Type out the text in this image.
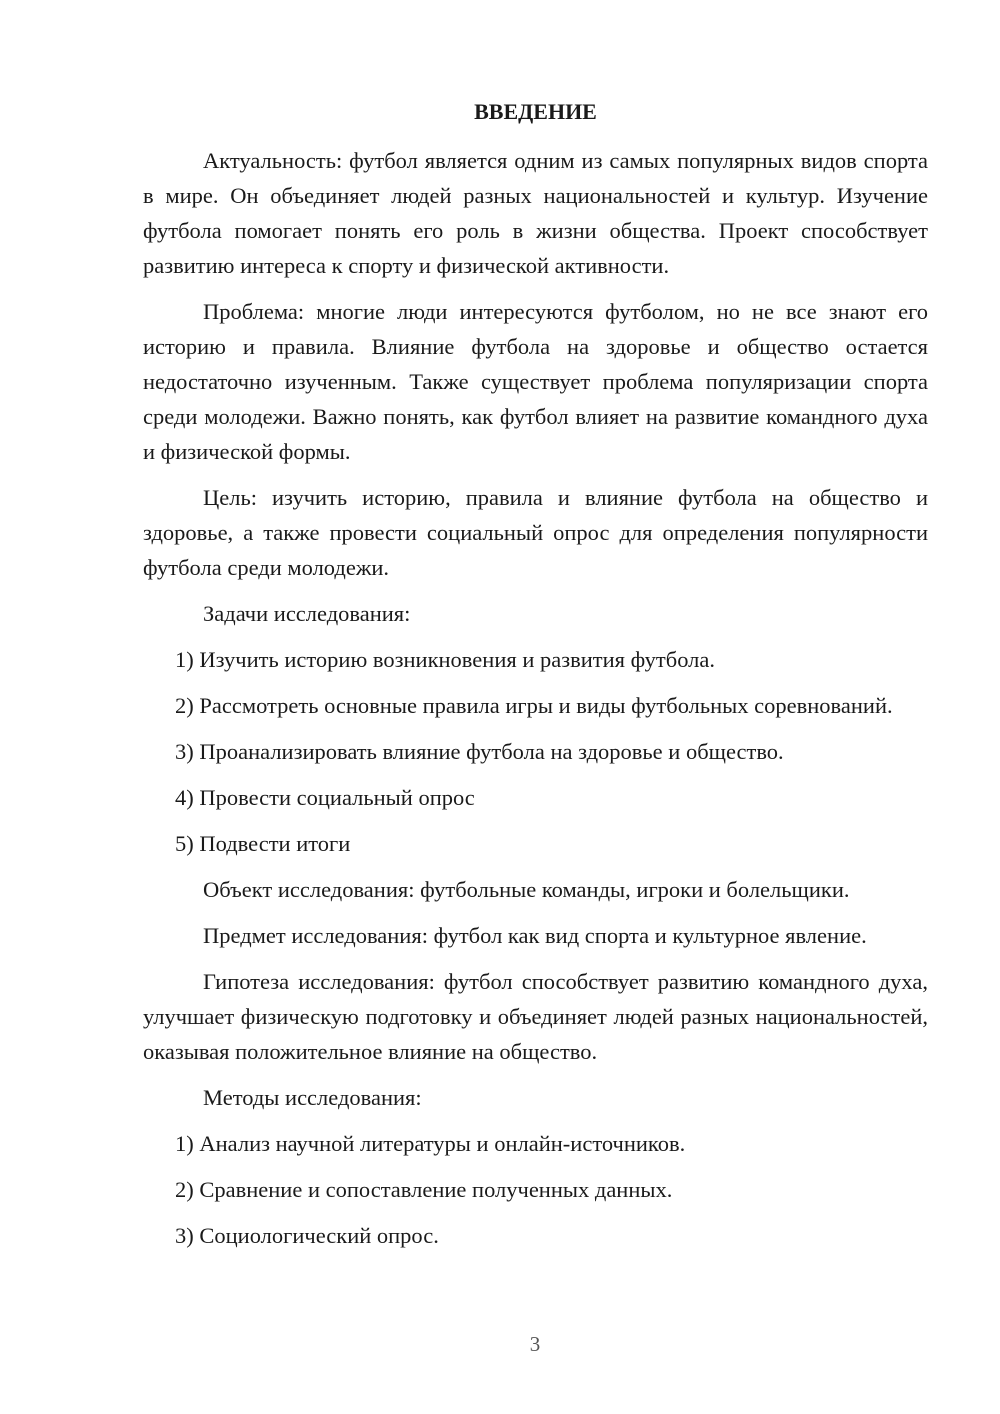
ВВЕДЕНИЕ

Актуальность: футбол является одним из самых популярных видов спорта в мире. Он объединяет людей разных национальностей и культур. Изучение футбола помогает понять его роль в жизни общества. Проект способствует развитию интереса к спорту и физической активности.

Проблема: многие люди интересуются футболом, но не все знают его историю и правила. Влияние футбола на здоровье и общество остается недостаточно изученным. Также существует проблема популяризации спорта среди молодежи. Важно понять, как футбол влияет на развитие командного духа и физической формы.

Цель: изучить историю, правила и влияние футбола на общество и здоровье, а также провести социальный опрос для определения популярности футбола среди молодежи.

Задачи исследования:

1) Изучить историю возникновения и развития футбола.

2) Рассмотреть основные правила игры и виды футбольных соревнований.

3) Проанализировать влияние футбола на здоровье и общество.

4) Провести социальный опрос

5) Подвести итоги

Объект исследования: футбольные команды, игроки и болельщики.

Предмет исследования: футбол как вид спорта и культурное явление.

Гипотеза исследования: футбол способствует развитию командного духа, улучшает физическую подготовку и объединяет людей разных национальностей, оказывая положительное влияние на общество.

Методы исследования:

1) Анализ научной литературы и онлайн-источников.

2) Сравнение и сопоставление полученных данных.

3) Социологический опрос.

3
